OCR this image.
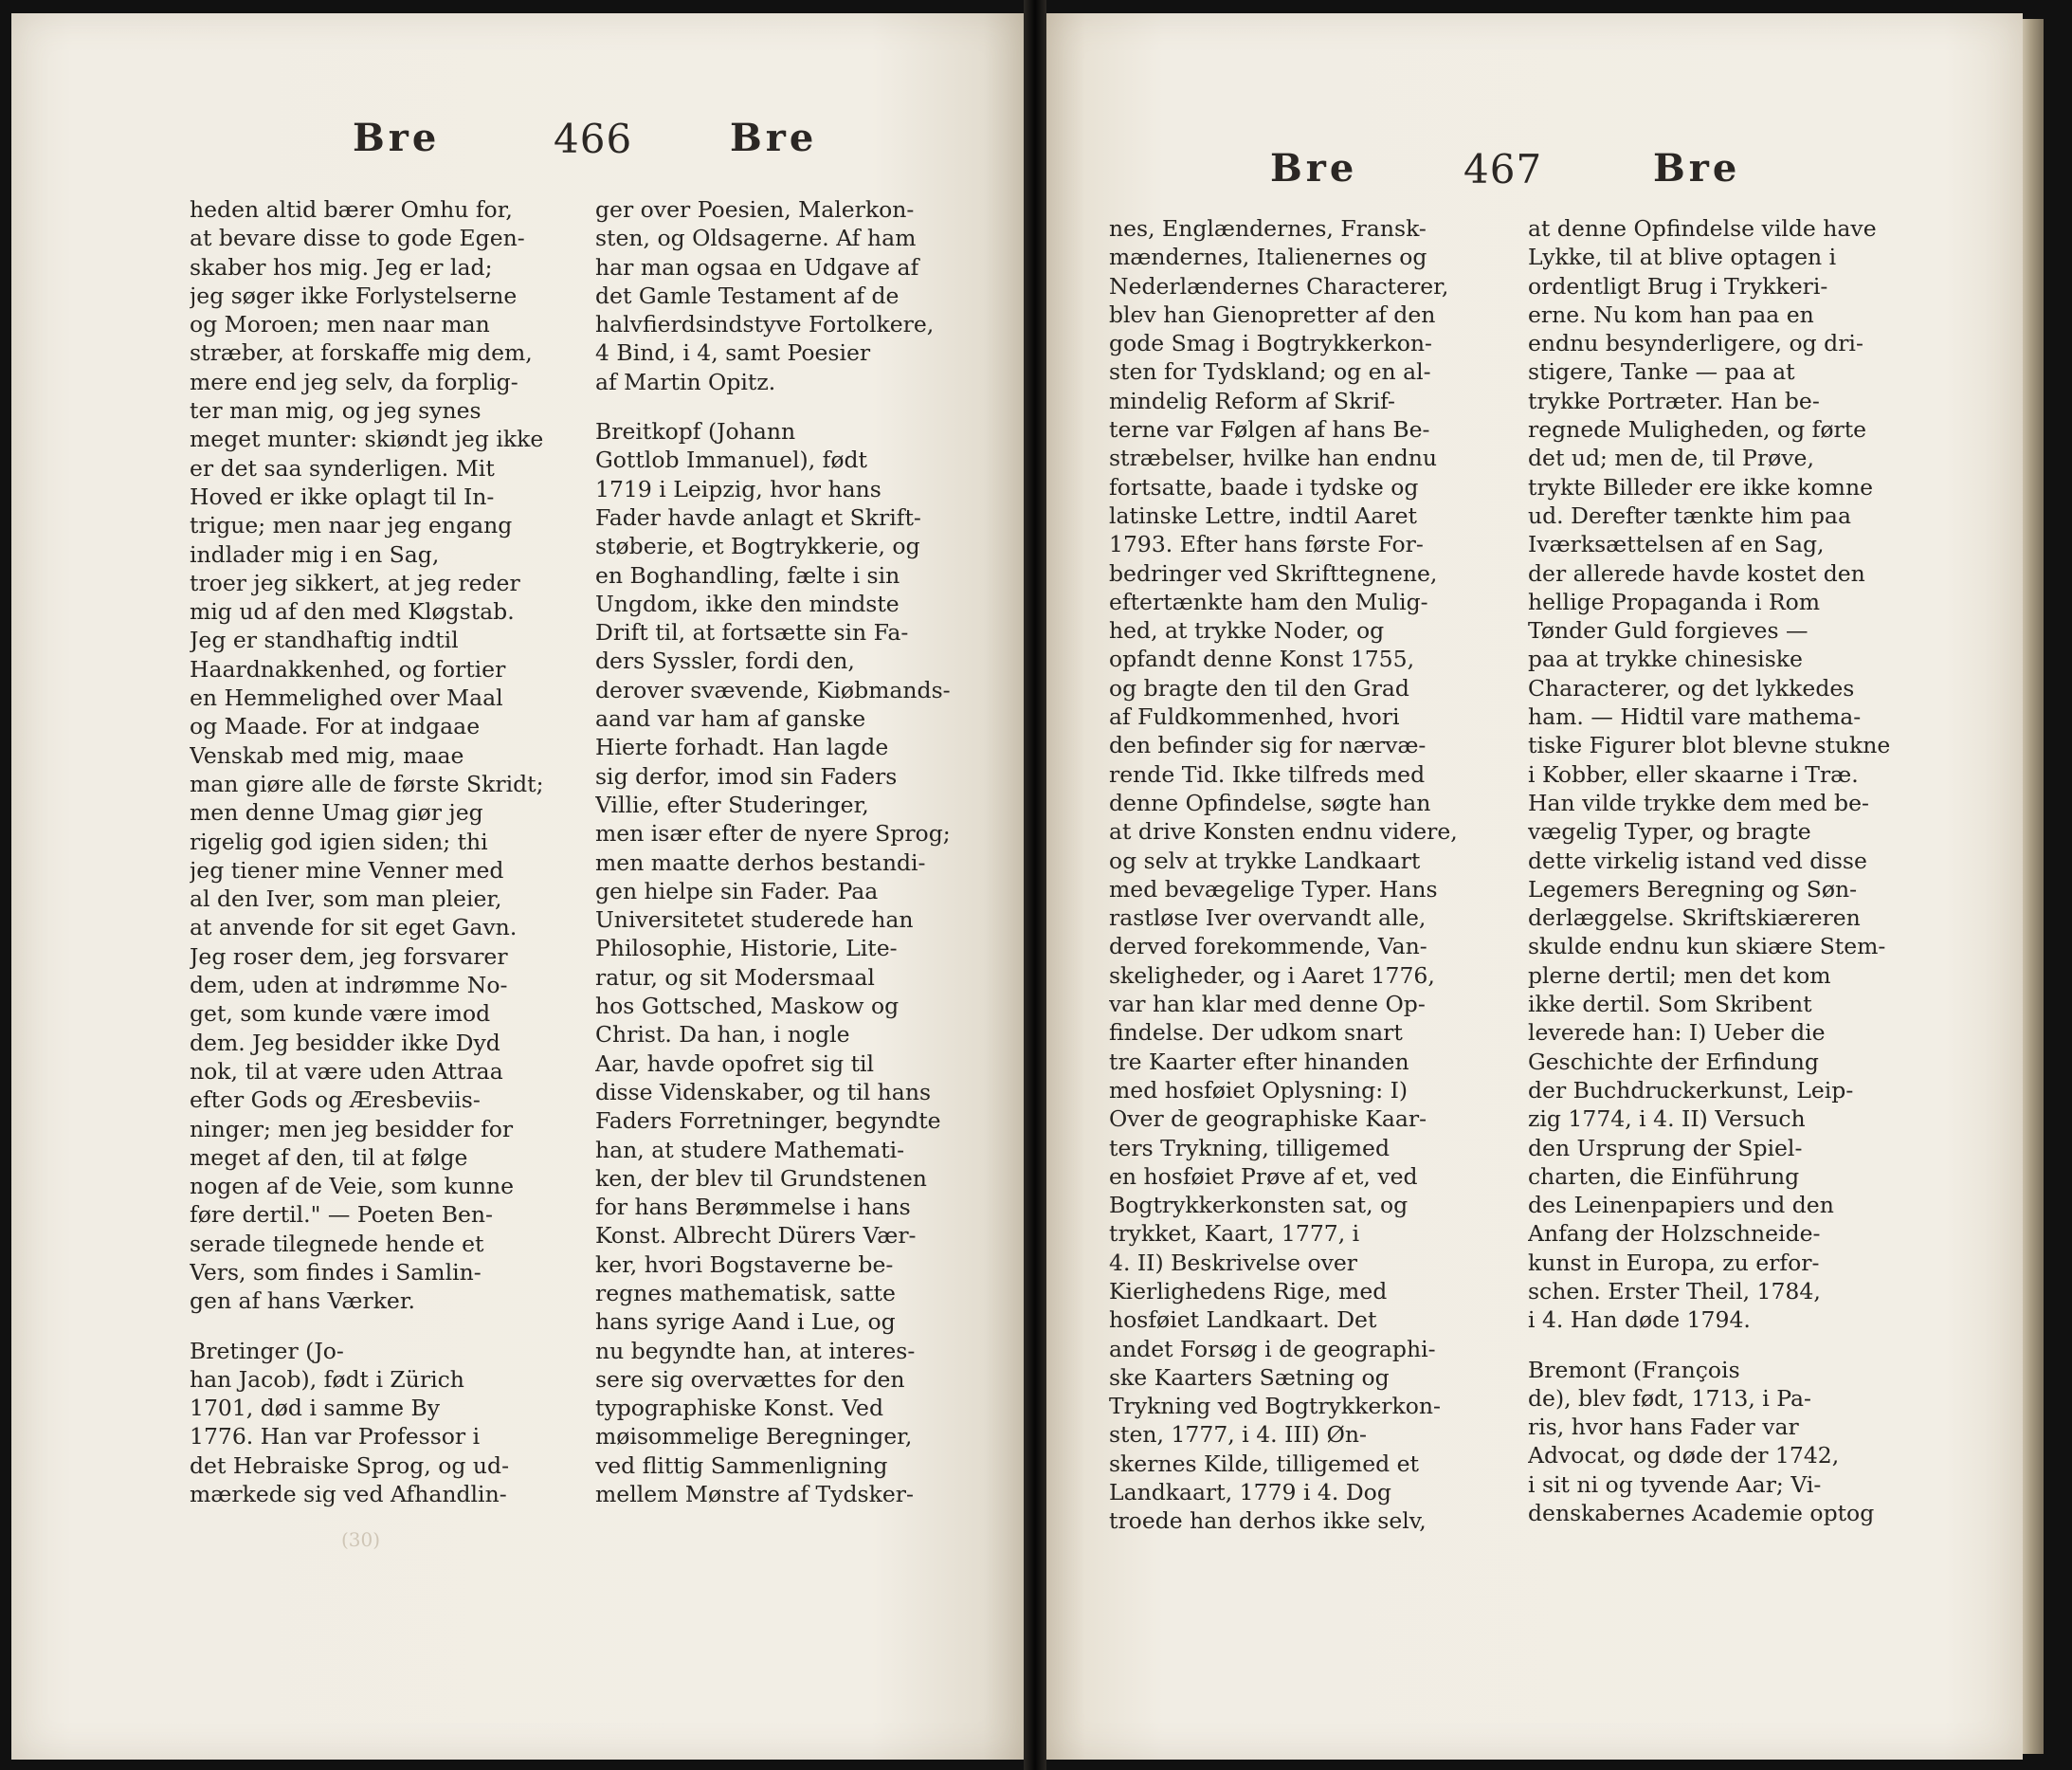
Bre	466	Bre
Bre	467	Bre
heden altid bærer Omhu for,
at bevare disse to gode Egen-
skaber hos mig. Jeg er lad;
jeg søger ikke Forlystelserne
og Moroen; men naar man
stræber, at forskaffe mig dem,
mere end jeg selv, da forplig-
ter man mig, og jeg synes
meget munter: skiøndt jeg ikke
er det saa synderligen. Mit
Hoved er ikke oplagt til In-
trigue; men naar jeg engang
indlader mig i en Sag,
troer jeg sikkert, at jeg reder
mig ud af den med Kløgstab.
Jeg er standhaftig indtil
Haardnakkenhed, og fortier
en Hemmelighed over Maal
og Maade. For at indgaae
Venskab med mig, maae
man giøre alle de første Skridt;
men denne Umag giør jeg
rigelig god igien siden; thi
jeg tiener mine Venner med
al den Iver, som man pleier,
at anvende for sit eget Gavn.
Jeg roser dem, jeg forsvarer
dem, uden at indrømme No-
get, som kunde være imod
dem. Jeg besidder ikke Dyd
nok, til at være uden Attraa
efter Gods og Æresbeviis-
ninger; men jeg besidder for
meget af den, til at følge
nogen af de Veie, som kunne
føre dertil." — Poeten Ben-
serade tilegnede hende et
Vers, som findes i Samlin-
gen af hans Værker.
Bretinger (Jo-
han Jacob), født i Zürich
1701, død i samme By
1776. Han var Professor i
det Hebraiske Sprog, og ud-
mærkede sig ved Afhandlin-
ger over Poesien, Malerkon-
sten, og Oldsagerne. Af ham
har man ogsaa en Udgave af
det Gamle Testament af de
halvfierdsindstyve Fortolkere,
4 Bind, i 4, samt Poesier
af Martin Opitz.
Breitkopf (Johann
Gottlob Immanuel), født
1719 i Leipzig, hvor hans
Fader havde anlagt et Skrift-
støberie, et Bogtrykkerie, og
en Boghandling, fælte i sin
Ungdom, ikke den mindste
Drift til, at fortsætte sin Fa-
ders Syssler, fordi den,
derover svævende, Kiøbmands-
aand var ham af ganske
Hierte forhadt. Han lagde
sig derfor, imod sin Faders
Villie, efter Studeringer,
men især efter de nyere Sprog;
men maatte derhos bestandi-
gen hielpe sin Fader. Paa
Universitetet studerede han
Philosophie, Historie, Lite-
ratur, og sit Modersmaal
hos Gottsched, Maskow og
Christ. Da han, i nogle
Aar, havde opofret sig til
disse Videnskaber, og til hans
Faders Forretninger, begyndte
han, at studere Mathemati-
ken, der blev til Grundstenen
for hans Berømmelse i hans
Konst. Albrecht Dürers Vær-
ker, hvori Bogstaverne be-
regnes mathematisk, satte
hans syrige Aand i Lue, og
nu begyndte han, at interes-
sere sig overvættes for den
typographiske Konst. Ved
møisommelige Beregninger,
ved flittig Sammenligning
mellem Mønstre af Tydsker-
nes, Englændernes, Fransk-
mændernes, Italienernes og
Nederlændernes Characterer,
blev han Gienopretter af den
gode Smag i Bogtrykkerkon-
sten for Tydskland; og en al-
mindelig Reform af Skrif-
terne var Følgen af hans Be-
stræbelser, hvilke han endnu
fortsatte, baade i tydske og
latinske Lettre, indtil Aaret
1793. Efter hans første For-
bedringer ved Skrifttegnene,
eftertænkte ham den Mulig-
hed, at trykke Noder, og
opfandt denne Konst 1755,
og bragte den til den Grad
af Fuldkommenhed, hvori
den befinder sig for nærvæ-
rende Tid. Ikke tilfreds med
denne Opfindelse, søgte han
at drive Konsten endnu videre,
og selv at trykke Landkaart
med bevægelige Typer. Hans
rastløse Iver overvandt alle,
derved forekommende, Van-
skeligheder, og i Aaret 1776,
var han klar med denne Op-
findelse. Der udkom snart
tre Kaarter efter hinanden
med hosføiet Oplysning: I)
Over de geographiske Kaar-
ters Trykning, tilligemed
en hosføiet Prøve af et, ved
Bogtrykkerkonsten sat, og
trykket, Kaart, 1777, i
4. II) Beskrivelse over
Kierlighedens Rige, med
hosføiet Landkaart. Det
andet Forsøg i de geographi-
ske Kaarters Sætning og
Trykning ved Bogtrykkerkon-
sten, 1777, i 4. III) Øn-
skernes Kilde, tilligemed et
Landkaart, 1779 i 4. Dog
troede han derhos ikke selv,
at denne Opfindelse vilde have
Lykke, til at blive optagen i
ordentligt Brug i Trykkeri-
erne. Nu kom han paa en
endnu besynderligere, og dri-
stigere, Tanke — paa at
trykke Portræter. Han be-
regnede Muligheden, og førte
det ud; men de, til Prøve,
trykte Billeder ere ikke komne
ud. Derefter tænkte him paa
Iværksættelsen af en Sag,
der allerede havde kostet den
hellige Propaganda i Rom
Tønder Guld forgieves —
paa at trykke chinesiske
Characterer, og det lykkedes
ham. — Hidtil vare mathema-
tiske Figurer blot blevne stukne
i Kobber, eller skaarne i Træ.
Han vilde trykke dem med be-
vægelig Typer, og bragte
dette virkelig istand ved disse
Legemers Beregning og Søn-
derlæggelse. Skriftskiæreren
skulde endnu kun skiære Stem-
plerne dertil; men det kom
ikke dertil. Som Skribent
leverede han: I) Ueber die
Geschichte der Erfindung
der Buchdruckerkunst, Leip-
zig 1774, i 4. II) Versuch
den Ursprung der Spiel-
charten, die Einführung
des Leinenpapiers und den
Anfang der Holzschneide-
kunst in Europa, zu erfor-
schen. Erster Theil, 1784,
i 4. Han døde 1794.
Bremont (François
de), blev født, 1713, i Pa-
ris, hvor hans Fader var
Advocat, og døde der 1742,
i sit ni og tyvende Aar; Vi-
denskabernes Academie optog
(30)
